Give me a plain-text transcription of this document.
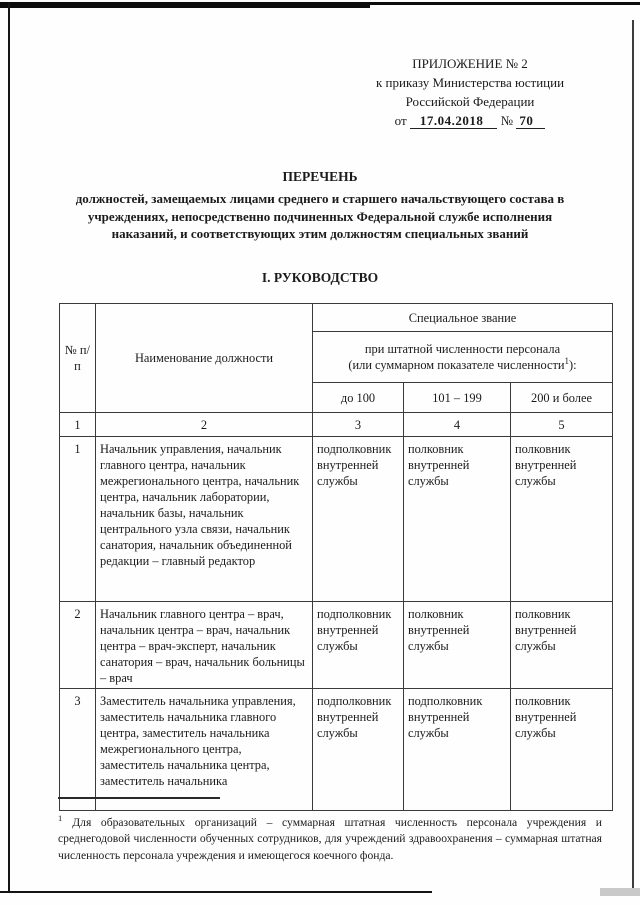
ПРИЛОЖЕНИЕ № 2
к приказу Министерства юстиции
Российской Федерации
от 17.04.2018 № 70
ПЕРЕЧЕНЬ
должностей, замещаемых лицами среднего и старшего начальствующего состава в учреждениях, непосредственно подчиненных Федеральной службе исполнения наказаний, и соответствующих этим должностям специальных званий
I. РУКОВОДСТВО
№ п/п	Наименование должности	Специальное звание		
		при штатной численности персонала
(или суммарном показателе численности$^1$):		
		до 100	101 – 199	200 и более
1	2	3	4	5
1	Начальник управления, начальник главного центра, начальник межрегионального центра, начальник центра, начальник лаборатории, начальник базы, начальник центрального узла связи, начальник санатория, начальник объединенной редакции – главный редактор	подполковник внутренней службы	полковник внутренней службы	полковник внутренней службы
2	Начальник главного центра – врач, начальник центра – врач, начальник центра – врач-эксперт, начальник санатория – врач, начальник больницы – врач	подполковник внутренней службы	полковник внутренней службы	полковник внутренней службы
3	Заместитель начальника управления, заместитель начальника главного центра, заместитель начальника межрегионального центра, заместитель начальника центра, заместитель начальника	подполковник внутренней службы	подполковник внутренней службы	полковник внутренней службы

$^1$ Для образовательных организаций – суммарная штатная численность персонала учреждения и среднегодовой численности обученных сотрудников, для учреждений здравоохранения – суммарная штатная численность персонала учреждения и имеющегося коечного фонда.
